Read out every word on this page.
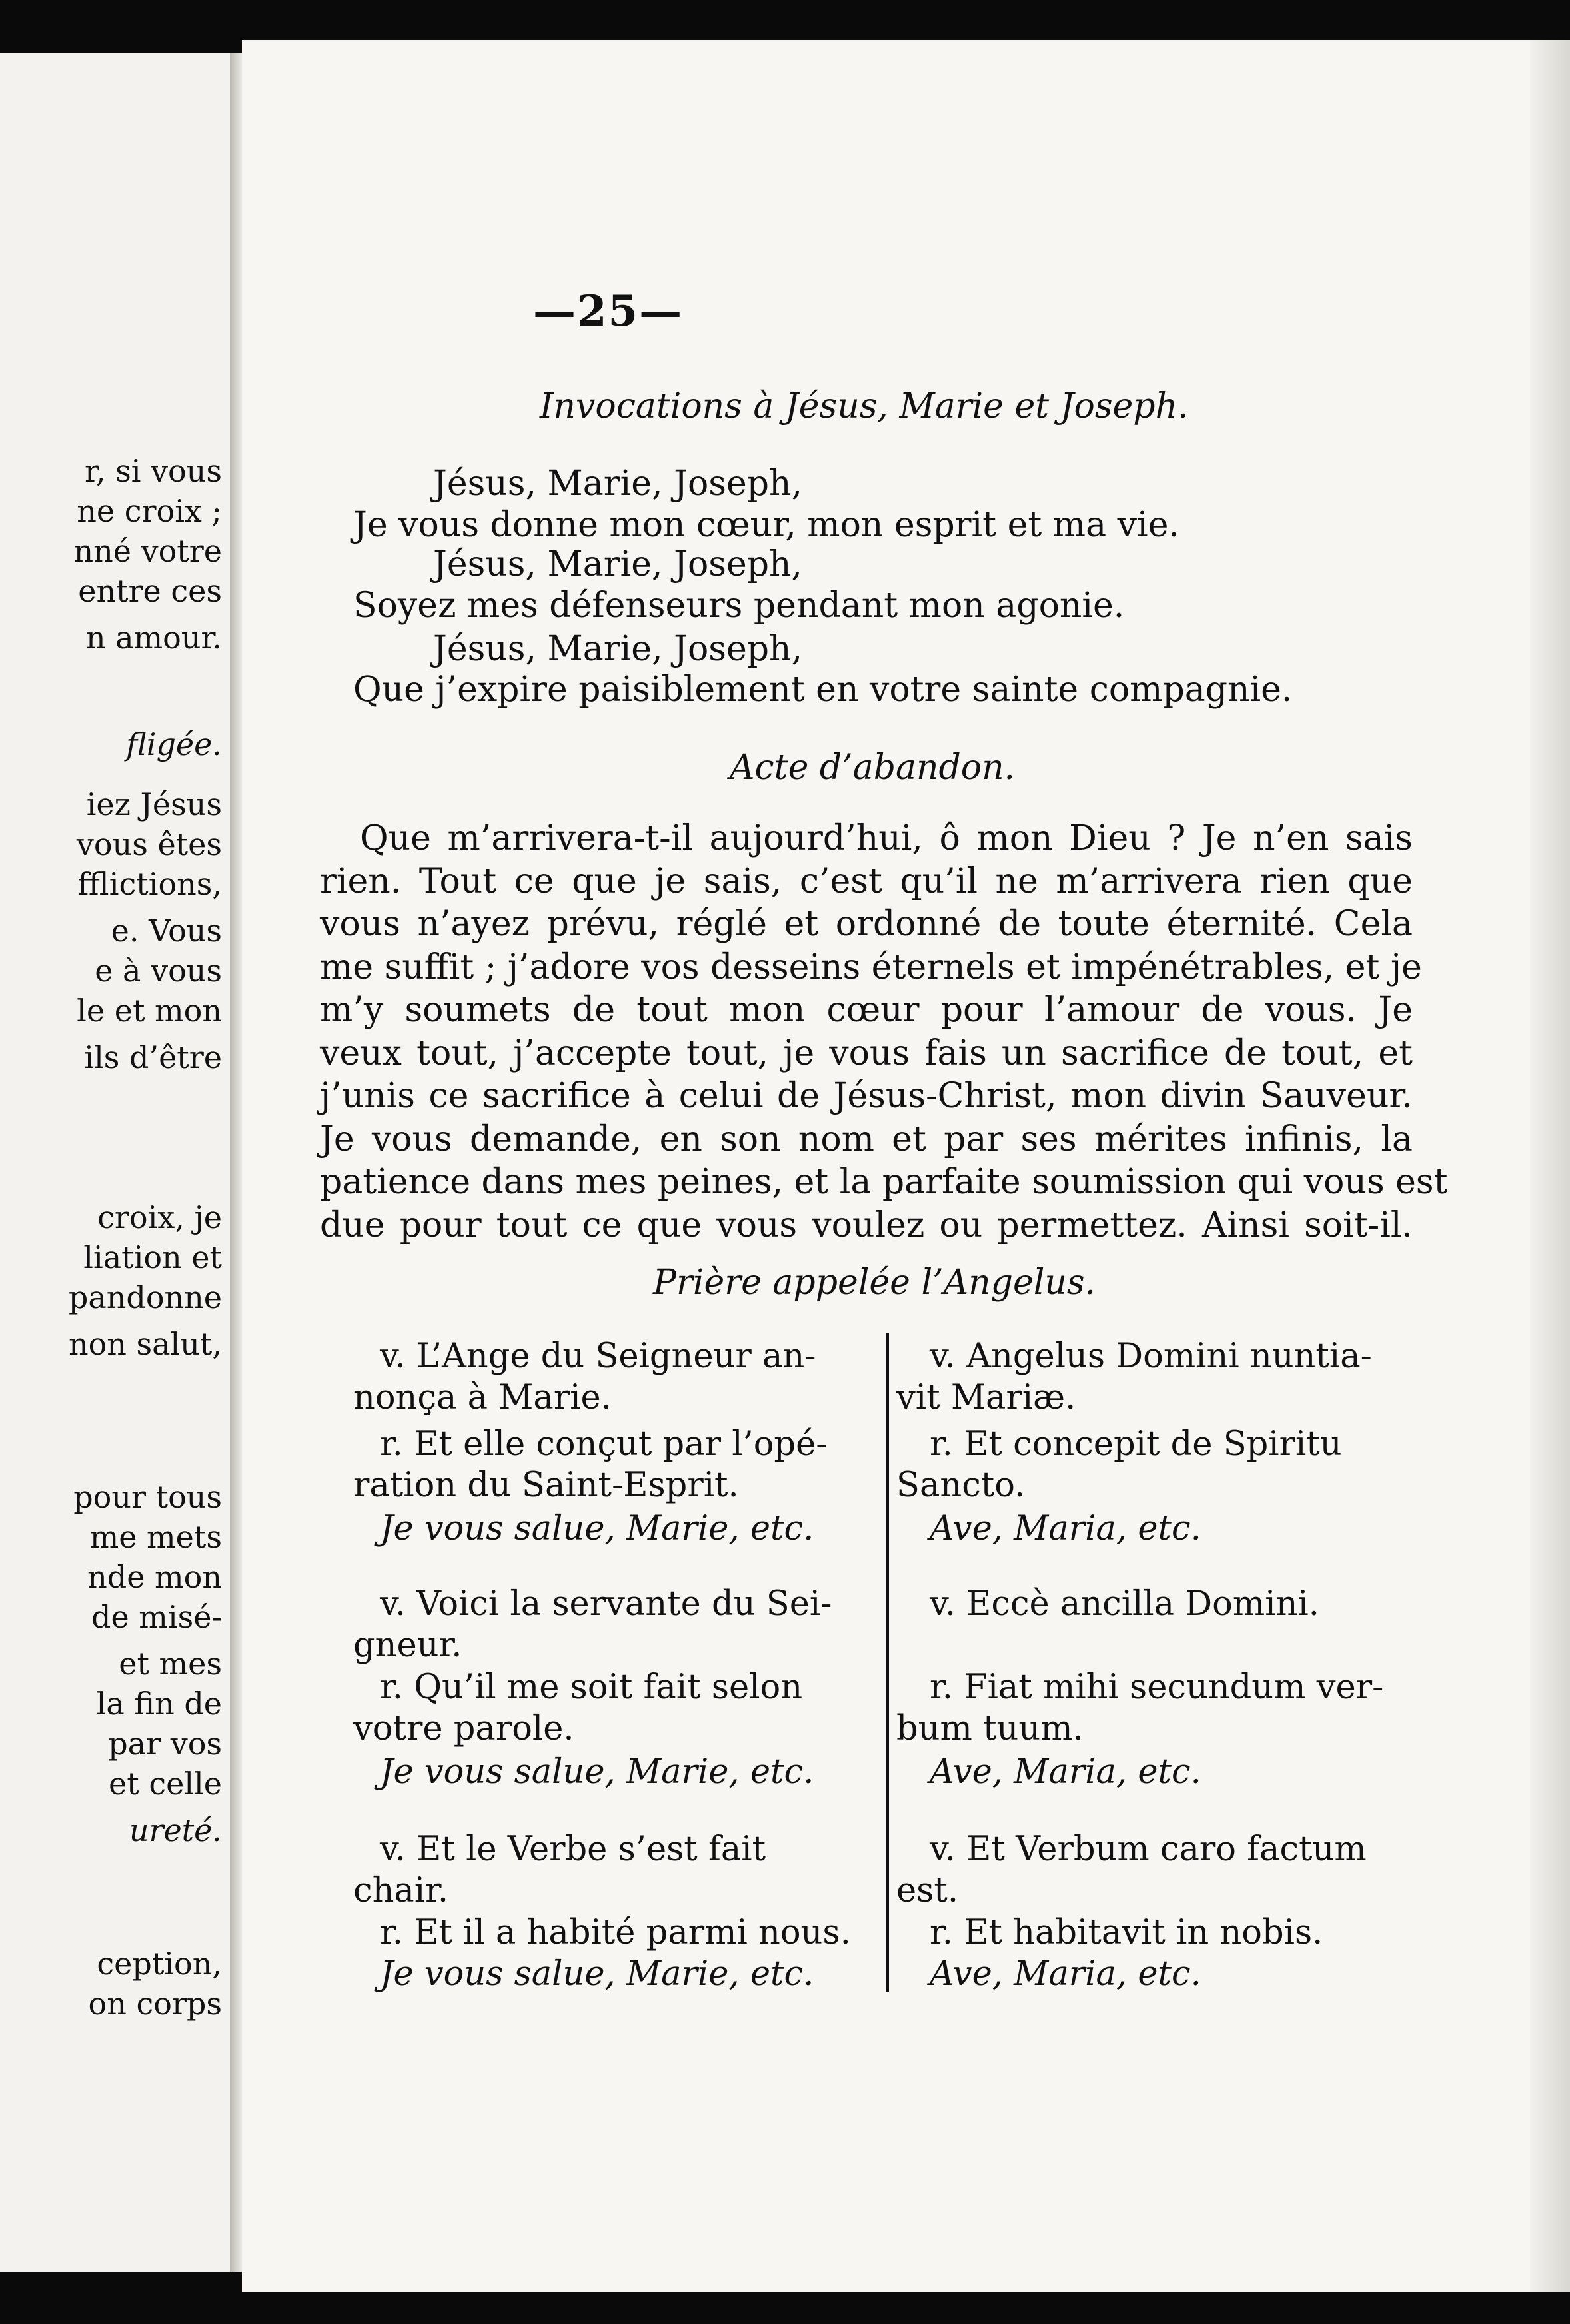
r, si vous

ne croix ;

nné votre

entre ces

n amour.

fligée.

iez Jésus

vous êtes

fflictions,

e. Vous

e à vous

le et mon

ils d’être

croix, je

liation et

pandonne

non salut,

pour tous

me mets

nde mon

de misé-

et mes

la fin de

par vos

et celle

ureté.

ception,

on corps

—25—

Invocations à Jésus, Marie et Joseph.

Jésus, Marie, Joseph,

Je vous donne mon cœur, mon esprit et ma vie.

Jésus, Marie, Joseph,

Soyez mes défenseurs pendant mon agonie.

Jésus, Marie, Joseph,

Que j’expire paisiblement en votre sainte compagnie.

Acte d’abandon.

Que m’arrivera-t-il aujourd’hui, ô mon Dieu ? Je n’en sais

rien. Tout ce que je sais, c’est qu’il ne m’arrivera rien que

vous n’ayez prévu, réglé et ordonné de toute éternité. Cela

me suffit ; j’adore vos desseins éternels et impénétrables, et je

m’y soumets de tout mon cœur pour l’amour de vous. Je

veux tout, j’accepte tout, je vous fais un sacrifice de tout, et

j’unis ce sacrifice à celui de Jésus-Christ, mon divin Sauveur.

Je vous demande, en son nom et par ses mérites infinis, la

patience dans mes peines, et la parfaite soumission qui vous est

due pour tout ce que vous voulez ou permettez. Ainsi soit-il.

Prière appelée l’Angelus.

v. L’Ange du Seigneur an-

nonça à Marie.

r. Et elle conçut par l’opé-

ration du Saint-Esprit.

Je vous salue, Marie, etc.

v. Voici la servante du Sei-

gneur.

r. Qu’il me soit fait selon

votre parole.

Je vous salue, Marie, etc.

v. Et le Verbe s’est fait

chair.

r. Et il a habité parmi nous.

Je vous salue, Marie, etc.

v. Angelus Domini nuntia-

vit Mariæ.

r. Et concepit de Spiritu

Sancto.

Ave, Maria, etc.

v. Eccè ancilla Domini.

r. Fiat mihi secundum ver-

bum tuum.

Ave, Maria, etc.

v. Et Verbum caro factum

est.

r. Et habitavit in nobis.

Ave, Maria, etc.
